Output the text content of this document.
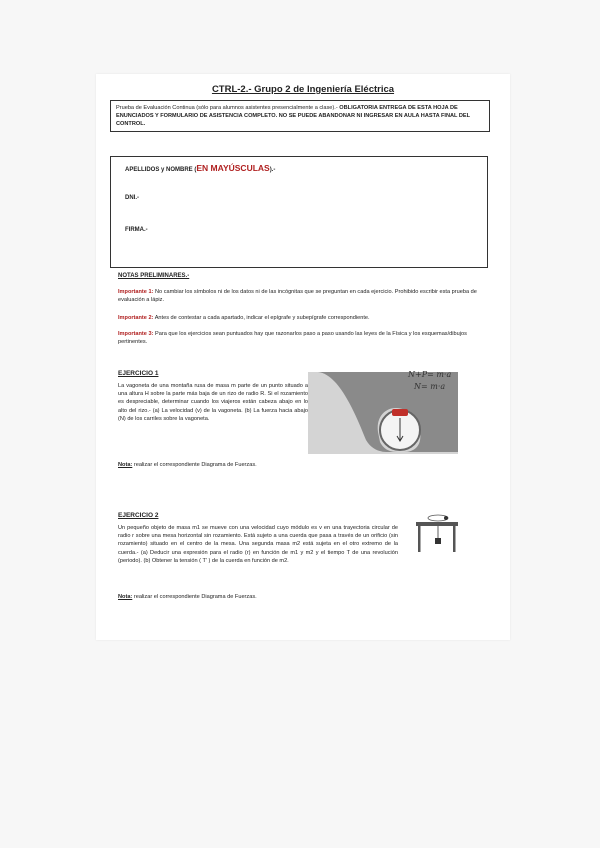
CTRL-2.- Grupo 2 de Ingeniería Eléctrica
Prueba de Evaluación Continua (sólo para alumnos asistentes presencialmente a clase).- OBLIGATORIA ENTREGA DE ESTA HOJA DE ENUNCIADOS Y FORMULARIO DE ASISTENCIA COMPLETO. NO SE PUEDE ABANDONAR NI INGRESAR EN AULA HASTA FINAL DEL CONTROL.
APELLIDOS y NOMBRE (EN MAYÚSCULAS).-
DNI.-
FIRMA.-
NOTAS PRELIMINARES.-
Importante 1: No cambiar los símbolos ni de los datos ni de las incógnitas que se preguntan en cada ejercicio. Prohibido escribir esta prueba de evaluación a lápiz.
Importante 2: Antes de contestar a cada apartado, indicar el epígrafe y subepígrafe correspondiente.
Importante 3: Para que los ejercicios sean puntuados hay que razonarlos paso a paso usando las leyes de la Física y los esquemas/dibujos pertinentes.
EJERCICIO 1
La vagoneta de una montaña rusa de masa m parte de un punto situado a una altura H sobre la parte más baja de un rizo de radio R. Si el rozamiento es despreciable, determinar cuando los viajeros están cabeza abajo en lo alto del rizo.- (a) La velocidad (v) de la vagoneta. (b) La fuerza hacia abajo (N) de los carriles sobre la vagoneta.
Nota: realizar el correspondiente Diagrama de Fuerzas.
N+P= m·a
N= m·a
EJERCICIO 2
Un pequeño objeto de masa m1 se mueve con una velocidad cuyo módulo es v en una trayectoria circular de radio r sobre una mesa horizontal sin rozamiento. Está sujeto a una cuerda que pasa a través de un orificio (sin rozamiento) situado en el centro de la mesa. Una segunda masa m2 está sujeta en el otro extremo de la cuerda.- (a) Deducir una expresión para el radio (r) en función de m1 y m2 y el tiempo T de una revolución (periodo). (b) Obtener la tensión ( T' ) de la cuerda en función de m2.
Nota: realizar el correspondiente Diagrama de Fuerzas.
